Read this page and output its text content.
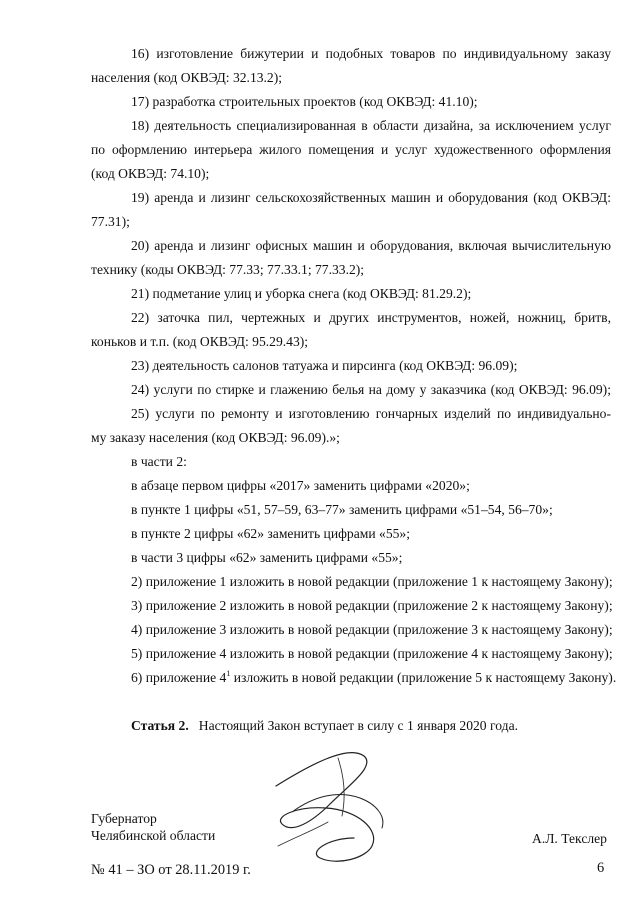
16) изготовление бижутерии и подобных товаров по индивидуальному заказу
населения (код ОКВЭД: 32.13.2);
17) разработка строительных проектов (код ОКВЭД: 41.10);
18) деятельность специализированная в области дизайна, за исключением услуг
по оформлению интерьера жилого помещения и услуг художественного оформления
(код ОКВЭД: 74.10);
19) аренда и лизинг сельскохозяйственных машин и оборудования (код ОКВЭД:
77.31);
20) аренда и лизинг офисных машин и оборудования, включая вычислительную
технику (коды ОКВЭД: 77.33; 77.33.1; 77.33.2);
21) подметание улиц и уборка снега (код ОКВЭД: 81.29.2);
22) заточка пил, чертежных и других инструментов, ножей, ножниц, бритв,
коньков и т.п. (код ОКВЭД: 95.29.43);
23) деятельность салонов татуажа и пирсинга (код ОКВЭД: 96.09);
24) услуги по стирке и глажению белья на дому у заказчика (код ОКВЭД: 96.09);
25) услуги по ремонту и изготовлению гончарных изделий по индивидуально-
му заказу населения (код ОКВЭД: 96.09).»;
в части 2:
в абзаце первом цифры «2017» заменить цифрами «2020»;
в пункте 1 цифры «51, 57–59, 63–77» заменить цифрами «51–54, 56–70»;
в пункте 2 цифры «62» заменить цифрами «55»;
в части 3 цифры «62» заменить цифрами «55»;
2) приложение 1 изложить в новой редакции (приложение 1 к настоящему Закону);
3) приложение 2 изложить в новой редакции (приложение 2 к настоящему Закону);
4) приложение 3 изложить в новой редакции (приложение 3 к настоящему Закону);
5) приложение 4 изложить в новой редакции (приложение 4 к настоящему Закону);
6) приложение $4^1$ изложить в новой редакции (приложение 5 к настоящему Закону).
Статья 2. Настоящий Закон вступает в силу с 1 января 2020 года.
Губернатор
Челябинской области	А.Л. Текслер
№ 41 – ЗО от 28.11.2019 г.	6
